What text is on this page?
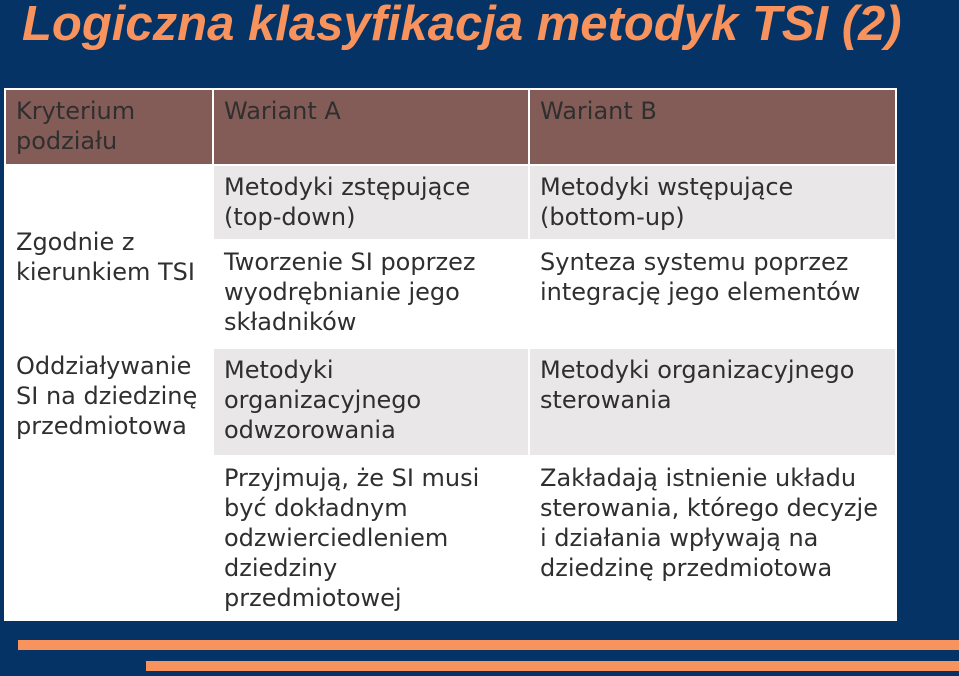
Logiczna klasyfikacja metodyk TSI (2)
Kryterium podziału	Wariant A	Wariant B
Zgodnie z kierunkiem TSI	Metodyki zstępujące (top-down)	Metodyki wstępujące (bottom-up)
	Tworzenie SI poprzez wyodrębnianie jego składników	Synteza systemu poprzez integrację jego elementów
Oddziaływanie SI na dziedzinę przedmiotowa	Metodyki organizacyjnego odwzorowania	Metodyki organizacyjnego sterowania
	Przyjmują, że SI musi być dokładnym odzwierciedleniem dziedziny przedmiotowej	Zakładają istnienie układu sterowania, którego decyzje i działania wpływają na dziedzinę przedmiotowa
